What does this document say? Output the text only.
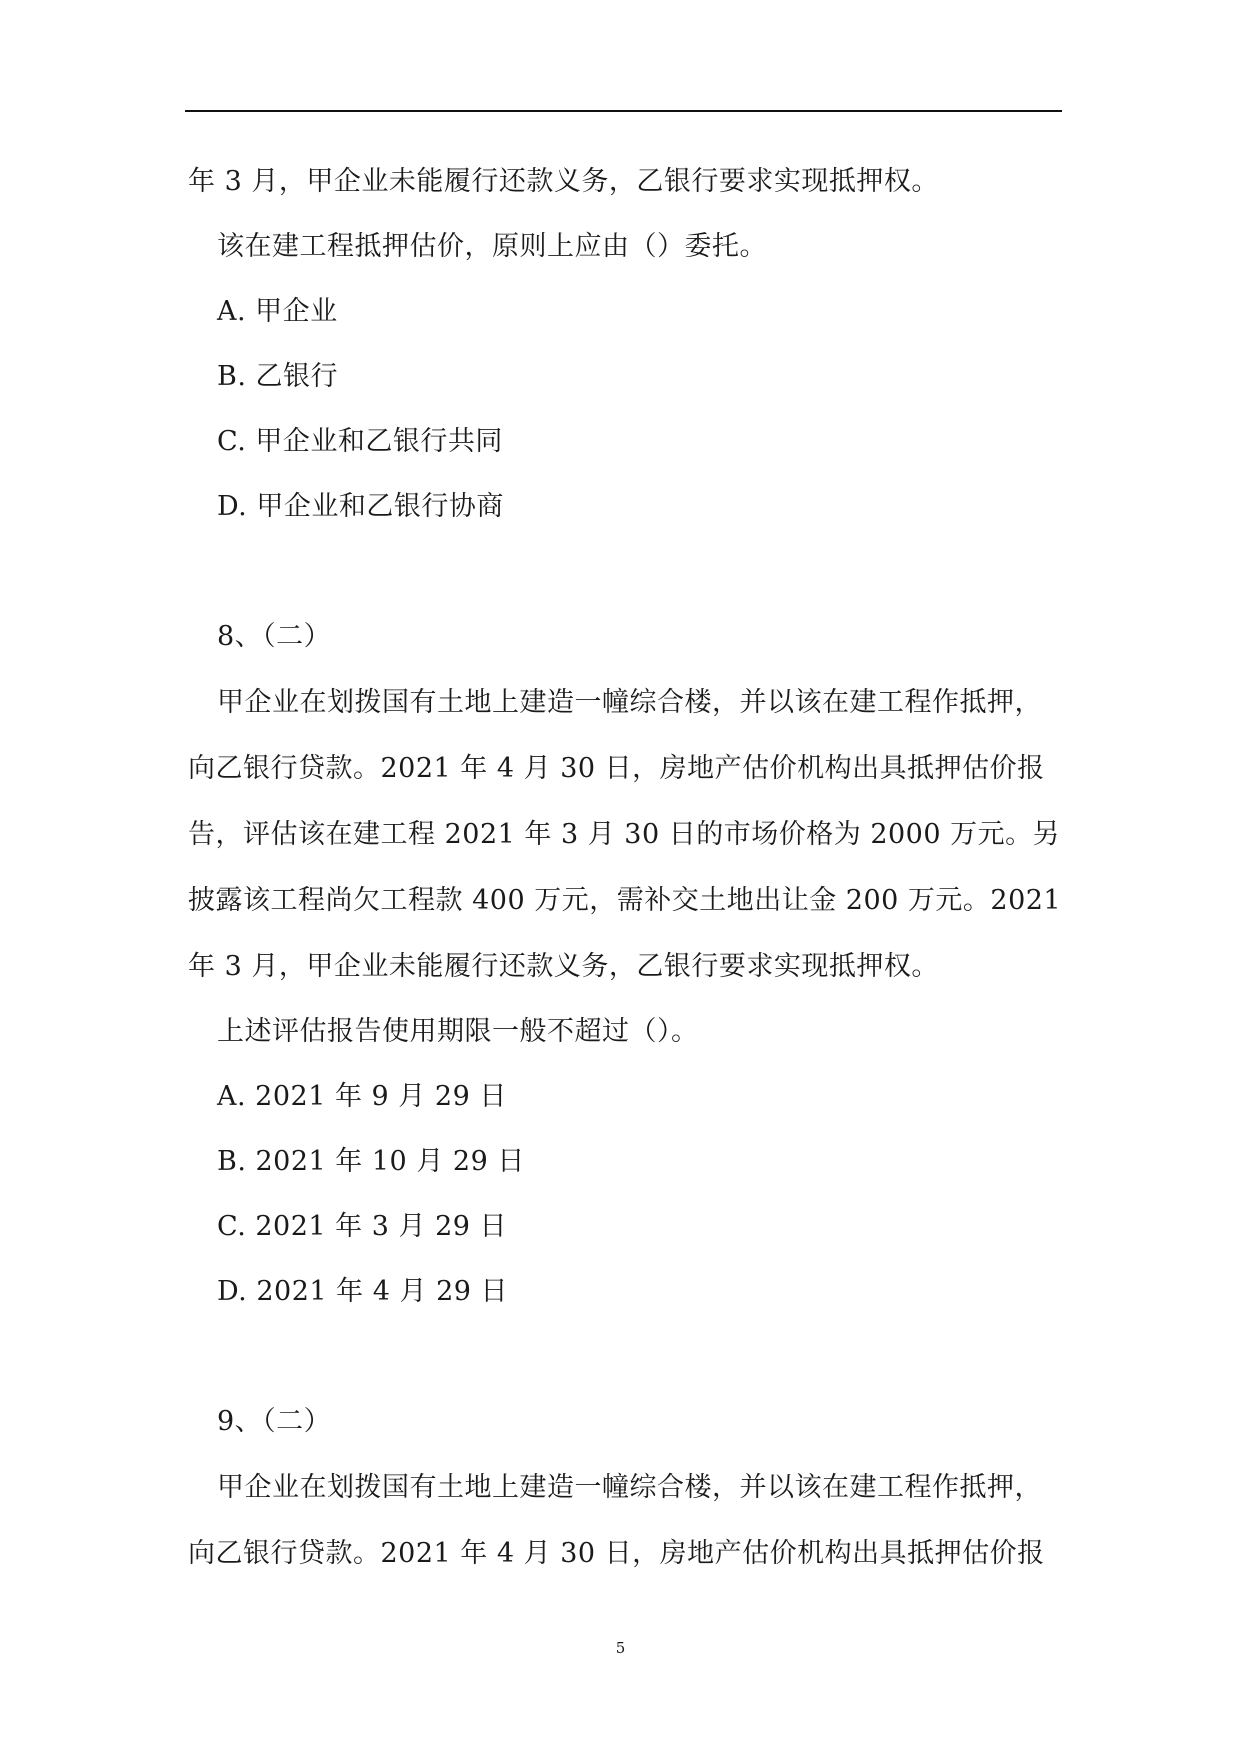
年 3 月，甲企业未能履行还款义务，乙银行要求实现抵押权。
该在建工程抵押估价，原则上应由（）委托。
A. 甲企业
B. 乙银行
C. 甲企业和乙银行共同
D. 甲企业和乙银行协商
8、（二）
甲企业在划拨国有土地上建造一幢综合楼，并以该在建工程作抵押，
向乙银行贷款。2021 年 4 月 30 日，房地产估价机构出具抵押估价报
告，评估该在建工程 2021 年 3 月 30 日的市场价格为 2000 万元。另
披露该工程尚欠工程款 400 万元，需补交土地出让金 200 万元。2021
年 3 月，甲企业未能履行还款义务，乙银行要求实现抵押权。
上述评估报告使用期限一般不超过（）。
A. 2021 年 9 月 29 日
B. 2021 年 10 月 29 日
C. 2021 年 3 月 29 日
D. 2021 年 4 月 29 日
9、（二）
甲企业在划拨国有土地上建造一幢综合楼，并以该在建工程作抵押，
向乙银行贷款。2021 年 4 月 30 日，房地产估价机构出具抵押估价报
5
